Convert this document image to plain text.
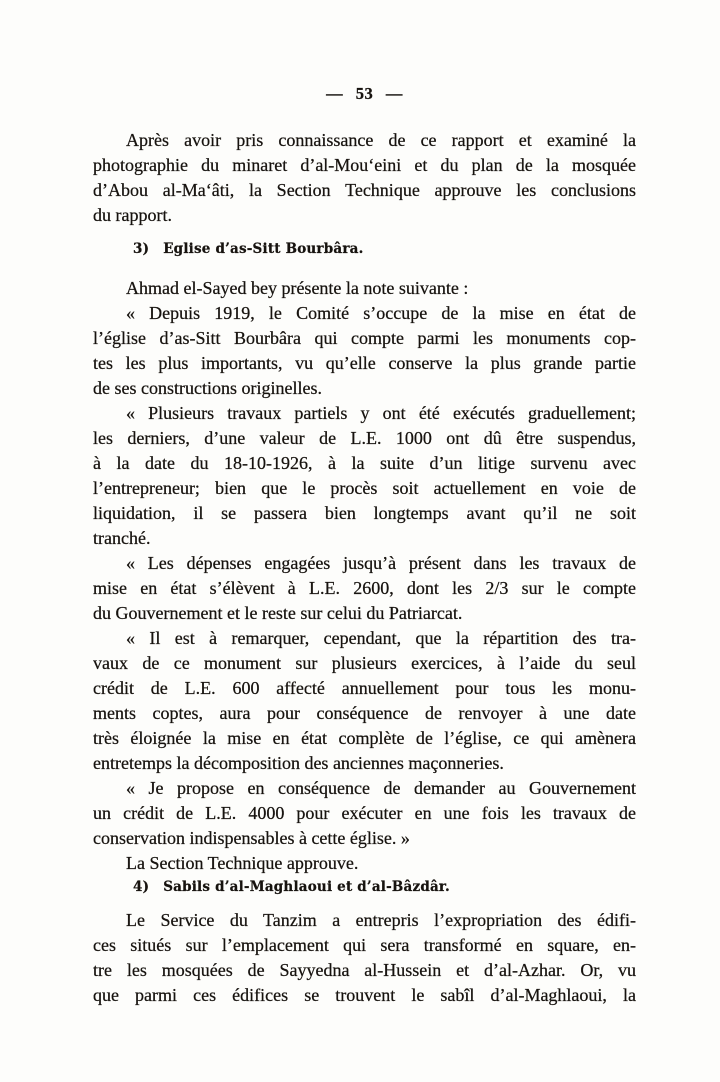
— 53 —
Après avoir pris connaissance de ce rapport et examiné la
photographie du minaret d’al-Mou‘eini et du plan de la mosquée
d’Abou al-Ma‘âti, la Section Technique approuve les conclusions
du rapport.
3) Eglise d’as-Sitt Bourbâra.
Ahmad el-Sayed bey présente la note suivante :
« Depuis 1919, le Comité s’occupe de la mise en état de
l’église d’as-Sitt Bourbâra qui compte parmi les monuments cop-
tes les plus importants, vu qu’elle conserve la plus grande partie
de ses constructions originelles.
« Plusieurs travaux partiels y ont été exécutés graduellement;
les derniers, d’une valeur de L.E. 1000 ont dû être suspendus,
à la date du 18-10-1926, à la suite d’un litige survenu avec
l’entrepreneur; bien que le procès soit actuellement en voie de
liquidation, il se passera bien longtemps avant qu’il ne soit
tranché.
« Les dépenses engagées jusqu’à présent dans les travaux de
mise en état s’élèvent à L.E. 2600, dont les 2/3 sur le compte
du Gouvernement et le reste sur celui du Patriarcat.
« Il est à remarquer, cependant, que la répartition des tra-
vaux de ce monument sur plusieurs exercices, à l’aide du seul
crédit de L.E. 600 affecté annuellement pour tous les monu-
ments coptes, aura pour conséquence de renvoyer à une date
très éloignée la mise en état complète de l’église, ce qui amènera
entretemps la décomposition des anciennes maçonneries.
« Je propose en conséquence de demander au Gouvernement
un crédit de L.E. 4000 pour exécuter en une fois les travaux de
conservation indispensables à cette église. »
La Section Technique approuve.
4) Sabils d’al-Maghlaoui et d’al-Bâzdâr.
Le Service du Tanzim a entrepris l’expropriation des édifi-
ces situés sur l’emplacement qui sera transformé en square, en-
tre les mosquées de Sayyedna al-Hussein et d’al-Azhar. Or, vu
que parmi ces édifices se trouvent le sabîl d’al-Maghlaoui, la
